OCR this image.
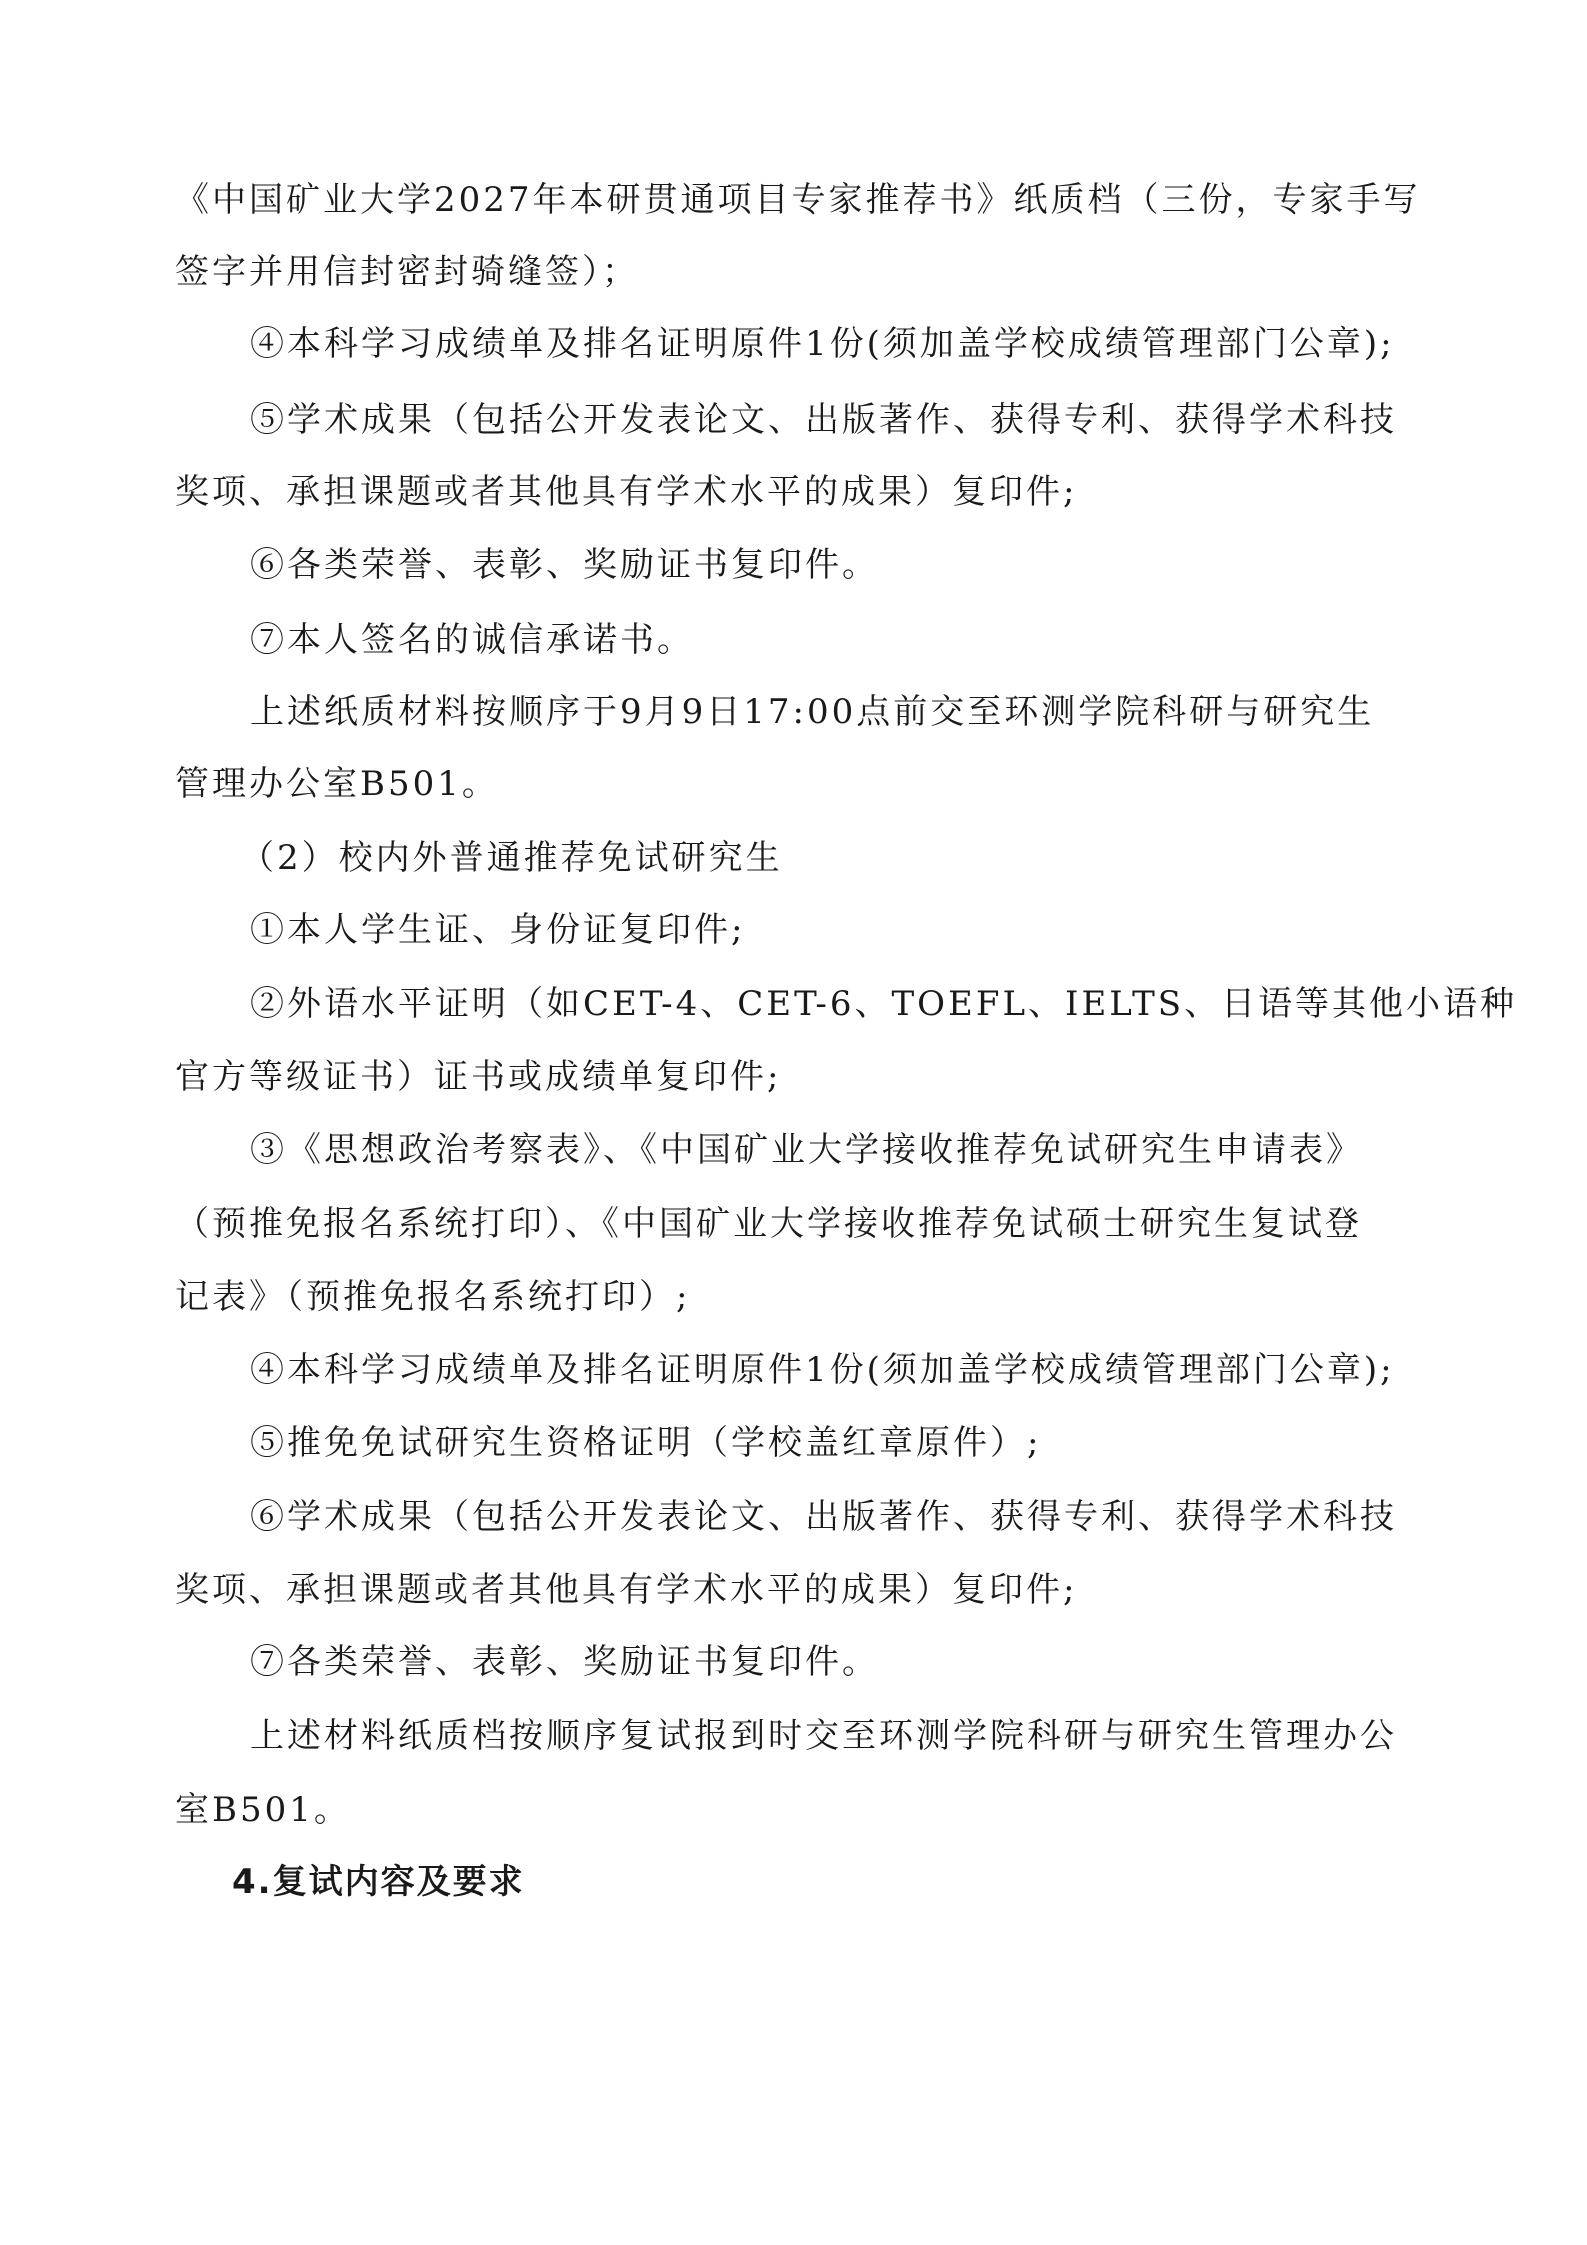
《中国矿业大学2027年本研贯通项目专家推荐书》纸质档（三份，专家手写
签字并用信封密封骑缝签）；
④本科学习成绩单及排名证明原件1份(须加盖学校成绩管理部门公章);
⑤学术成果（包括公开发表论文、出版著作、获得专利、获得学术科技
奖项、承担课题或者其他具有学术水平的成果）复印件;
⑥各类荣誉、表彰、奖励证书复印件。
⑦本人签名的诚信承诺书。
上述纸质材料按顺序于9月9日17:00点前交至环测学院科研与研究生
管理办公室B501。
（2）校内外普通推荐免试研究生
①本人学生证、身份证复印件;
②外语水平证明（如CET-4、CET-6、TOEFL、IELTS、日语等其他小语种
官方等级证书）证书或成绩单复印件;
③《思想政治考察表》、《中国矿业大学接收推荐免试研究生申请表》
（预推免报名系统打印）、《中国矿业大学接收推荐免试硕士研究生复试登
记表》（预推免报名系统打印）;
④本科学习成绩单及排名证明原件1份(须加盖学校成绩管理部门公章);
⑤推免免试研究生资格证明（学校盖红章原件）;
⑥学术成果（包括公开发表论文、出版著作、获得专利、获得学术科技
奖项、承担课题或者其他具有学术水平的成果）复印件;
⑦各类荣誉、表彰、奖励证书复印件。
上述材料纸质档按顺序复试报到时交至环测学院科研与研究生管理办公
室B501。
4.复试内容及要求
